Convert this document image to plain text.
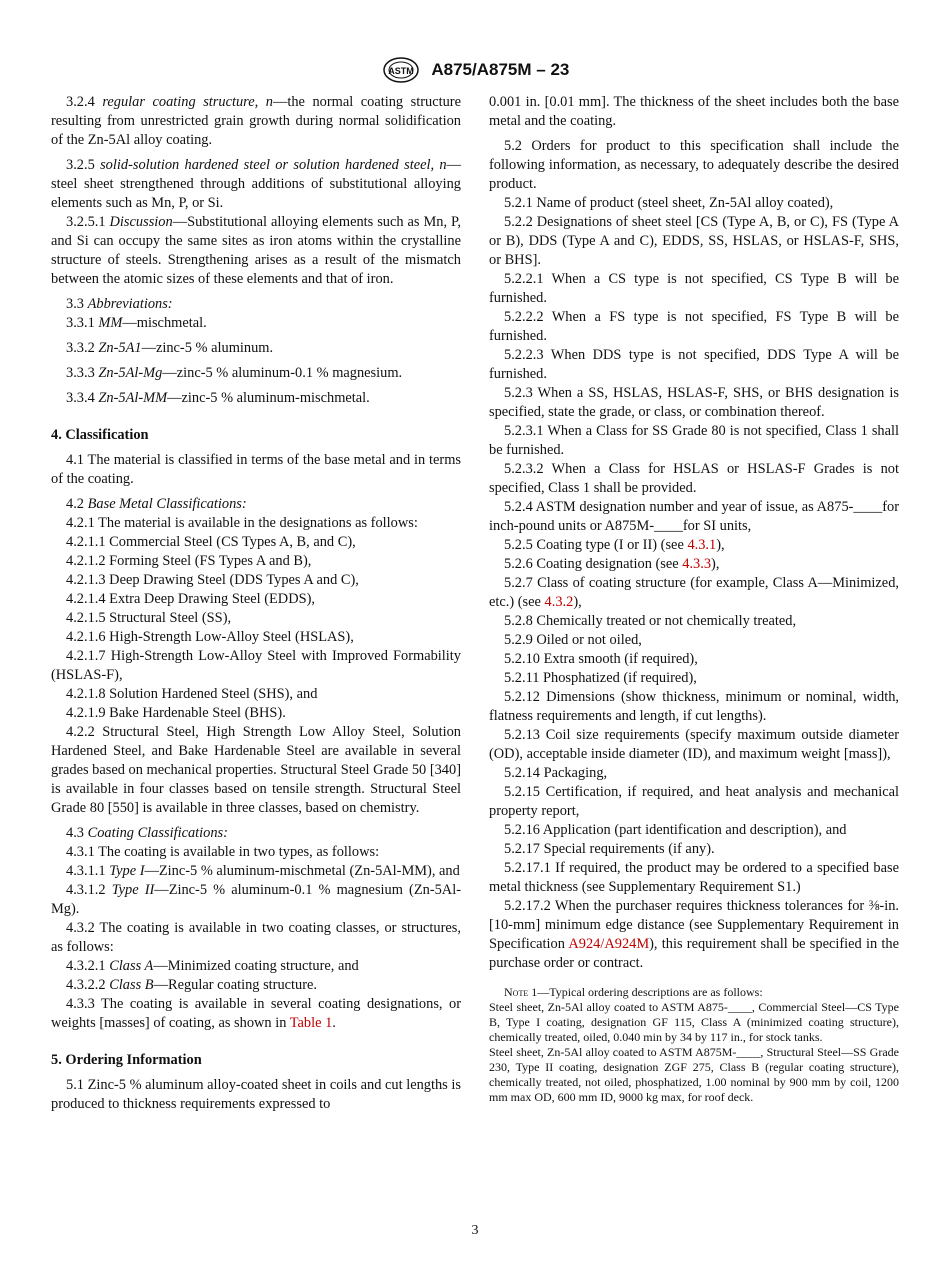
ASTM A875/A875M – 23

3.2.4 regular coating structure, n—the normal coating structure resulting from unrestricted grain growth during normal solidification of the Zn-5Al alloy coating.

3.2.5 solid-solution hardened steel or solution hardened steel, n—steel sheet strengthened through additions of substitutional alloying elements such as Mn, P, or Si.

3.2.5.1 Discussion—Substitutional alloying elements such as Mn, P, and Si can occupy the same sites as iron atoms within the crystalline structure of steels. Strengthening arises as a result of the mismatch between the atomic sizes of these elements and that of iron.

3.3 Abbreviations:

3.3.1 MM—mischmetal.

3.3.2 Zn-5A1—zinc-5 % aluminum.

3.3.3 Zn-5Al-Mg—zinc-5 % aluminum-0.1 % magnesium.

3.3.4 Zn-5Al-MM—zinc-5 % aluminum-mischmetal.

4. Classification

4.1 The material is classified in terms of the base metal and in terms of the coating.

4.2 Base Metal Classifications:

4.2.1 The material is available in the designations as follows:

4.2.1.1 Commercial Steel (CS Types A, B, and C),

4.2.1.2 Forming Steel (FS Types A and B),

4.2.1.3 Deep Drawing Steel (DDS Types A and C),

4.2.1.4 Extra Deep Drawing Steel (EDDS),

4.2.1.5 Structural Steel (SS),

4.2.1.6 High-Strength Low-Alloy Steel (HSLAS),

4.2.1.7 High-Strength Low-Alloy Steel with Improved Formability (HSLAS-F),

4.2.1.8 Solution Hardened Steel (SHS), and

4.2.1.9 Bake Hardenable Steel (BHS).

4.2.2 Structural Steel, High Strength Low Alloy Steel, Solution Hardened Steel, and Bake Hardenable Steel are available in several grades based on mechanical properties. Structural Steel Grade 50 [340] is available in four classes based on tensile strength. Structural Steel Grade 80 [550] is available in three classes, based on chemistry.

4.3 Coating Classifications:

4.3.1 The coating is available in two types, as follows:

4.3.1.1 Type I—Zinc-5 % aluminum-mischmetal (Zn-5Al-MM), and

4.3.1.2 Type II—Zinc-5 % aluminum-0.1 % magnesium (Zn-5Al-Mg).

4.3.2 The coating is available in two coating classes, or structures, as follows:

4.3.2.1 Class A—Minimized coating structure, and

4.3.2.2 Class B—Regular coating structure.

4.3.3 The coating is available in several coating designations, or weights [masses] of coating, as shown in Table 1.

5. Ordering Information

5.1 Zinc-5 % aluminum alloy-coated sheet in coils and cut lengths is produced to thickness requirements expressed to

0.001 in. [0.01 mm]. The thickness of the sheet includes both the base metal and the coating.

5.2 Orders for product to this specification shall include the following information, as necessary, to adequately describe the desired product.

5.2.1 Name of product (steel sheet, Zn-5Al alloy coated),

5.2.2 Designations of sheet steel [CS (Type A, B, or C), FS (Type A or B), DDS (Type A and C), EDDS, SS, HSLAS, or HSLAS-F, SHS, or BHS].

5.2.2.1 When a CS type is not specified, CS Type B will be furnished.

5.2.2.2 When a FS type is not specified, FS Type B will be furnished.

5.2.2.3 When DDS type is not specified, DDS Type A will be furnished.

5.2.3 When a SS, HSLAS, HSLAS-F, SHS, or BHS designation is specified, state the grade, or class, or combination thereof.

5.2.3.1 When a Class for SS Grade 80 is not specified, Class 1 shall be furnished.

5.2.3.2 When a Class for HSLAS or HSLAS-F Grades is not specified, Class 1 shall be provided.

5.2.4 ASTM designation number and year of issue, as A875-____for inch-pound units or A875M-____for SI units,

5.2.5 Coating type (I or II) (see 4.3.1),

5.2.6 Coating designation (see 4.3.3),

5.2.7 Class of coating structure (for example, Class A—Minimized, etc.) (see 4.3.2),

5.2.8 Chemically treated or not chemically treated,

5.2.9 Oiled or not oiled,

5.2.10 Extra smooth (if required),

5.2.11 Phosphatized (if required),

5.2.12 Dimensions (show thickness, minimum or nominal, width, flatness requirements and length, if cut lengths).

5.2.13 Coil size requirements (specify maximum outside diameter (OD), acceptable inside diameter (ID), and maximum weight [mass]),

5.2.14 Packaging,

5.2.15 Certification, if required, and heat analysis and mechanical property report,

5.2.16 Application (part identification and description), and

5.2.17 Special requirements (if any).

5.2.17.1 If required, the product may be ordered to a specified base metal thickness (see Supplementary Requirement S1.)

5.2.17.2 When the purchaser requires thickness tolerances for ⅜-in. [10-mm] minimum edge distance (see Supplementary Requirement in Specification A924/A924M), this requirement shall be specified in the purchase order or contract.

Note 1—Typical ordering descriptions are as follows:

Steel sheet, Zn-5Al alloy coated to ASTM A875-____, Commercial Steel—CS Type B, Type I coating, designation GF 115, Class A (minimized coating structure), chemically treated, oiled, 0.040 min by 34 by 117 in., for stock tanks.

Steel sheet, Zn-5Al alloy coated to ASTM A875M-____, Structural Steel—SS Grade 230, Type II coating, designation ZGF 275, Class B (regular coating structure), chemically treated, not oiled, phosphatized, 1.00 nominal by 900 mm by coil, 1200 mm max OD, 600 mm ID, 9000 kg max, for roof deck.

3
